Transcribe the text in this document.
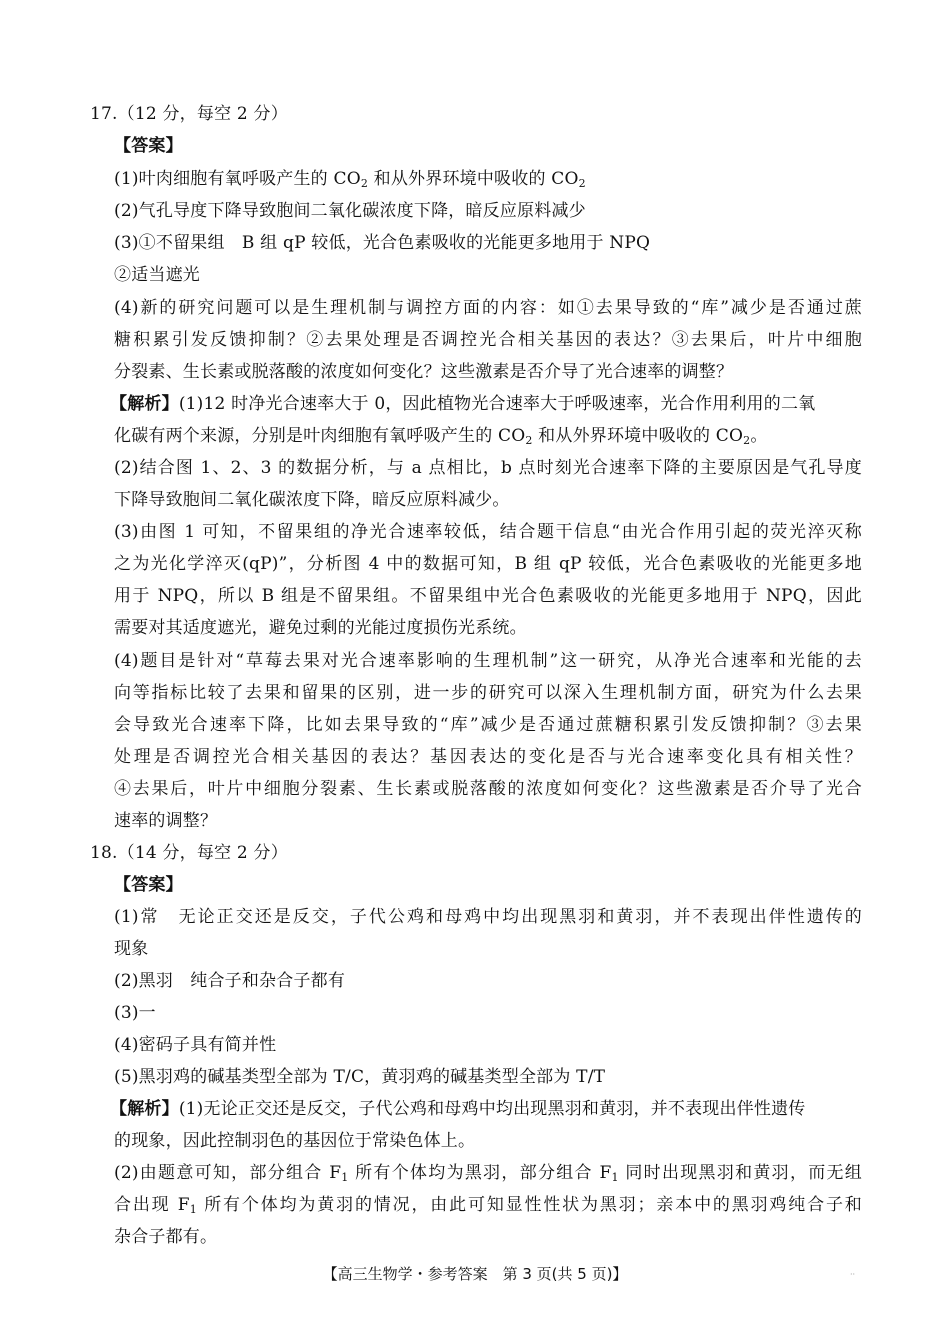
17.（12 分，每空 2 分）
【答案】
(1)叶肉细胞有氧呼吸产生的 $CO_2$ 和从外界环境中吸收的 $CO_2$
(2)气孔导度下降导致胞间二氧化碳浓度下降，暗反应原料减少
(3)①不留果组　B 组 qP 较低，光合色素吸收的光能更多地用于 NPQ
②适当遮光
(4)新的研究问题可以是生理机制与调控方面的内容：如①去果导致的“库”减少是否通过蔗
糖积累引发反馈抑制？②去果处理是否调控光合相关基因的表达？③去果后，叶片中细胞
分裂素、生长素或脱落酸的浓度如何变化？这些激素是否介导了光合速率的调整？
【解析】(1)12 时净光合速率大于 0，因此植物光合速率大于呼吸速率，光合作用利用的二氧
化碳有两个来源，分别是叶肉细胞有氧呼吸产生的 $CO_2$ 和从外界环境中吸收的 $CO_2$。
(2)结合图 1、2、3 的数据分析，与 a 点相比，b 点时刻光合速率下降的主要原因是气孔导度
下降导致胞间二氧化碳浓度下降，暗反应原料减少。
(3)由图 1 可知，不留果组的净光合速率较低，结合题干信息“由光合作用引起的荧光淬灭称
之为光化学淬灭(qP)”，分析图 4 中的数据可知，B 组 qP 较低，光合色素吸收的光能更多地
用于 NPQ，所以 B 组是不留果组。不留果组中光合色素吸收的光能更多地用于 NPQ，因此
需要对其适度遮光，避免过剩的光能过度损伤光系统。
(4)题目是针对“草莓去果对光合速率影响的生理机制”这一研究，从净光合速率和光能的去
向等指标比较了去果和留果的区别，进一步的研究可以深入生理机制方面，研究为什么去果
会导致光合速率下降，比如去果导致的“库”减少是否通过蔗糖积累引发反馈抑制？③去果
处理是否调控光合相关基因的表达？基因表达的变化是否与光合速率变化具有相关性？
④去果后，叶片中细胞分裂素、生长素或脱落酸的浓度如何变化？这些激素是否介导了光合
速率的调整？
18.（14 分，每空 2 分）
【答案】
(1)常　无论正交还是反交，子代公鸡和母鸡中均出现黑羽和黄羽，并不表现出伴性遗传的
现象
(2)黑羽　纯合子和杂合子都有
(3)一
(4)密码子具有简并性
(5)黑羽鸡的碱基类型全部为 T/C，黄羽鸡的碱基类型全部为 T/T
【解析】(1)无论正交还是反交，子代公鸡和母鸡中均出现黑羽和黄羽，并不表现出伴性遗传
的现象，因此控制羽色的基因位于常染色体上。
(2)由题意可知，部分组合 $F_1$ 所有个体均为黑羽，部分组合 $F_1$ 同时出现黑羽和黄羽，而无组
合出现 $F_1$ 所有个体均为黄羽的情况，由此可知显性性状为黑羽；亲本中的黑羽鸡纯合子和
【高三生物学・参考答案　第 3 页(共 5 页)】	··
杂合子都有。
